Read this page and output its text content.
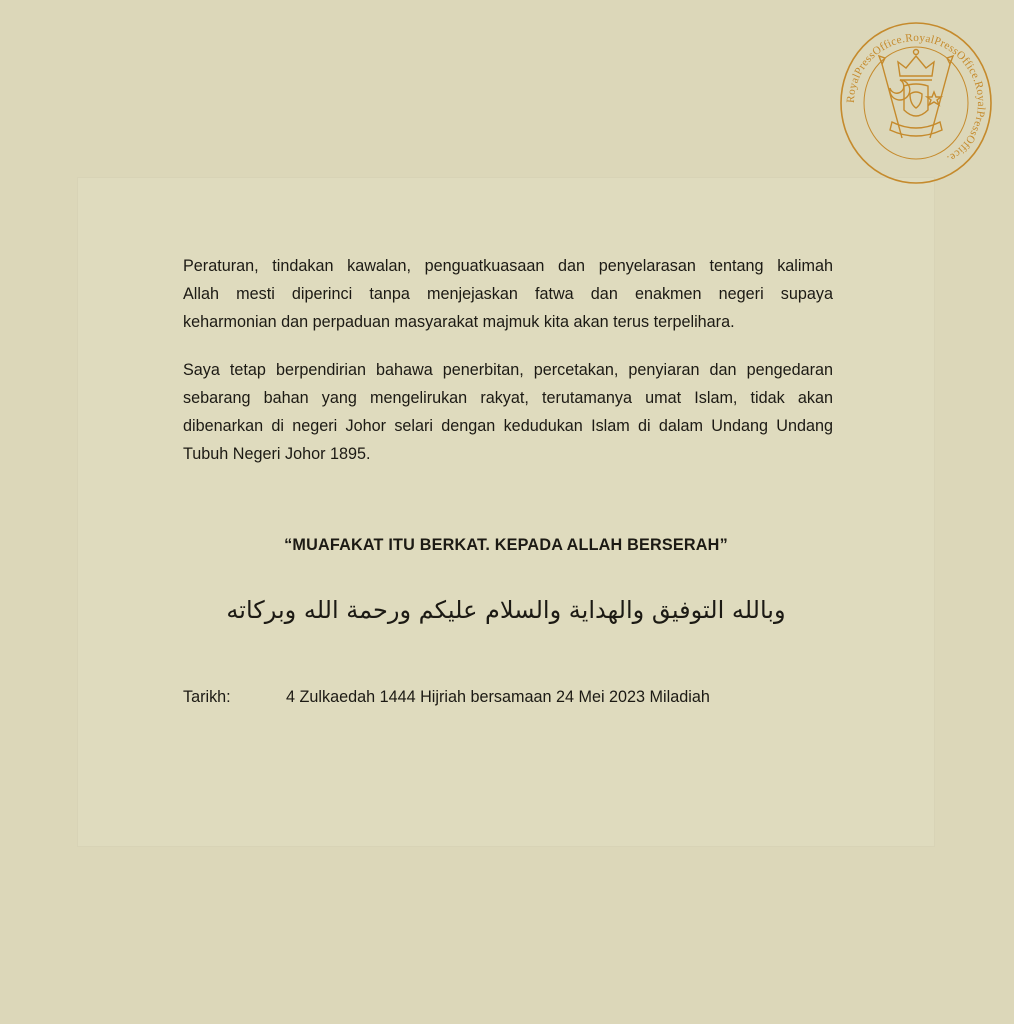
RoyalPressOffice.RoyalPressOffice.RoyalPressOffice.

Peraturan, tindakan kawalan, penguatkuasaan dan penyelarasan tentang kalimah
Allah mesti diperinci tanpa menjejaskan fatwa dan enakmen negeri supaya
keharmonian dan perpaduan masyarakat majmuk kita akan terus terpelihara.

Saya tetap berpendirian bahawa penerbitan, percetakan, penyiaran dan pengedaran
sebarang bahan yang mengelirukan rakyat, terutamanya umat Islam, tidak akan
dibenarkan di negeri Johor selari dengan kedudukan Islam di dalam Undang Undang
Tubuh Negeri Johor 1895.

“MUAFAKAT ITU BERKAT. KEPADA ALLAH BERSERAH”
وبالله التوفيق والهداية والسلام عليكم ورحمة الله وبركاته
Tarikh:	4 Zulkaedah 1444 Hijriah bersamaan 24 Mei 2023 Miladiah
